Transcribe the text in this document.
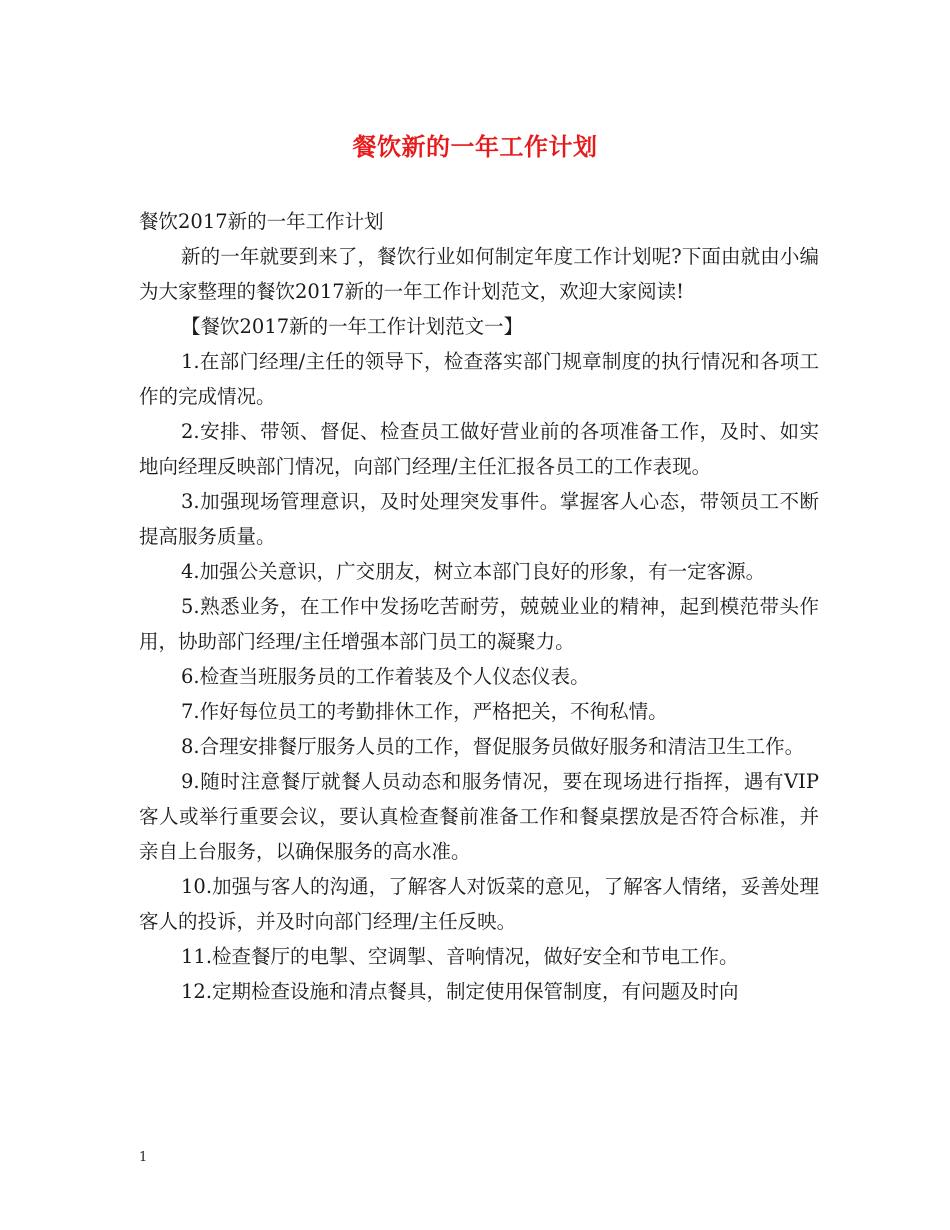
餐饮新的一年工作计划

餐饮2017新的一年工作计划

新的一年就要到来了，餐饮行业如何制定年度工作计划呢?下面由就由小编为大家整理的餐饮2017新的一年工作计划范文，欢迎大家阅读!

【餐饮2017新的一年工作计划范文一】

1.在部门经理/主任的领导下，检查落实部门规章制度的执行情况和各项工作的完成情况。

2.安排、带领、督促、检查员工做好营业前的各项准备工作，及时、如实地向经理反映部门情况，向部门经理/主任汇报各员工的工作表现。

3.加强现场管理意识，及时处理突发事件。掌握客人心态，带领员工不断提高服务质量。

4.加强公关意识，广交朋友，树立本部门良好的形象，有一定客源。

5.熟悉业务，在工作中发扬吃苦耐劳，兢兢业业的精神，起到模范带头作用，协助部门经理/主任增强本部门员工的凝聚力。

6.检查当班服务员的工作着装及个人仪态仪表。

7.作好每位员工的考勤排休工作，严格把关，不徇私情。

8.合理安排餐厅服务人员的工作，督促服务员做好服务和清洁卫生工作。

9.随时注意餐厅就餐人员动态和服务情况，要在现场进行指挥，遇有VIP客人或举行重要会议，要认真检查餐前准备工作和餐桌摆放是否符合标准，并亲自上台服务，以确保服务的高水准。

10.加强与客人的沟通，了解客人对饭菜的意见，了解客人情绪，妥善处理客人的投诉，并及时向部门经理/主任反映。

11.检查餐厅的电掣、空调掣、音响情况，做好安全和节电工作。

12.定期检查设施和清点餐具，制定使用保管制度，有问题及时向

1
